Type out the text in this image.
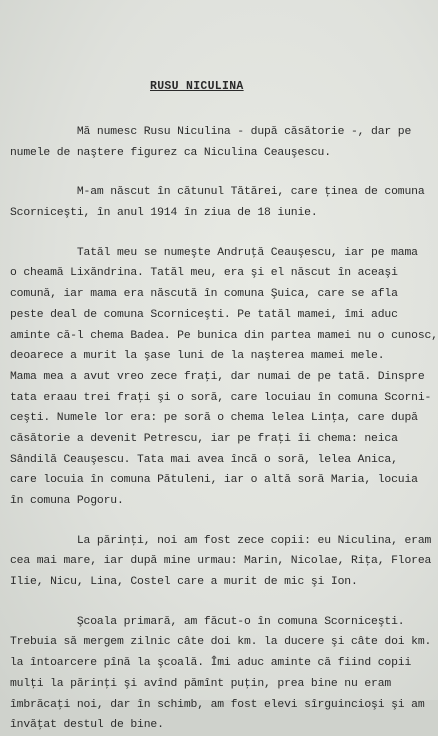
RUSU NICULINA
Mă numesc Rusu Niculina - după căsătorie -, dar pe
numele de naştere figurez ca Niculina Ceauşescu.
M-am născut în cătunul Tătărei, care ţinea de comuna
Scorniceşti, în anul 1914 în ziua de 18 iunie.
Tatăl meu se numeşte Andruţă Ceauşescu, iar pe mama
o cheamă Lixăndrina. Tatăl meu, era şi el născut în aceaşi
comună, iar mama era născută în comuna Şuica, care se afla
peste deal de comuna Scorniceşti. Pe tatăl mamei, îmi aduc
aminte că-l chema Badea. Pe bunica din partea mamei nu o cunosc,
deoarece a murit la şase luni de la naşterea mamei mele.
Mama mea a avut vreo zece fraţi, dar numai de pe tată. Dinspre
tata eraau trei fraţi şi o soră, care locuiau în comuna Scorni-
ceşti. Numele lor era: pe soră o chema leleа Linţa, care după
căsătorie a devenit Petrescu, iar pe fraţi îi chema: neica
Sândilă Ceauşescu. Tata mai avea încă o soră, lelea Anica,
care locuia în comuna Pătuleni, iar o altă soră Maria, locuia
în comuna Pogoru.
La părinţi, noi am fost zece copii: eu Niculina, eram
cea mai mare, iar după mine urmau: Marin, Nicolae, Riţa, Florea
Ilie, Nicu, Lina, Costel care a murit de mic şi Ion.
Şcoala primară, am făcut-o în comuna Scorniceşti.
Trebuia să mergem zilnic câte doi km. la ducere şi câte doi km.
la întoarcere pînă la şcoală. Îmi aduc aminte că fiind copii
mulţi la părinţi şi avînd pămînt puţin, prea bine nu eram
îmbrăcaţi noi, dar în schimb, am fost elevi sîrguincioşi şi am
învăţat destul de bine.
